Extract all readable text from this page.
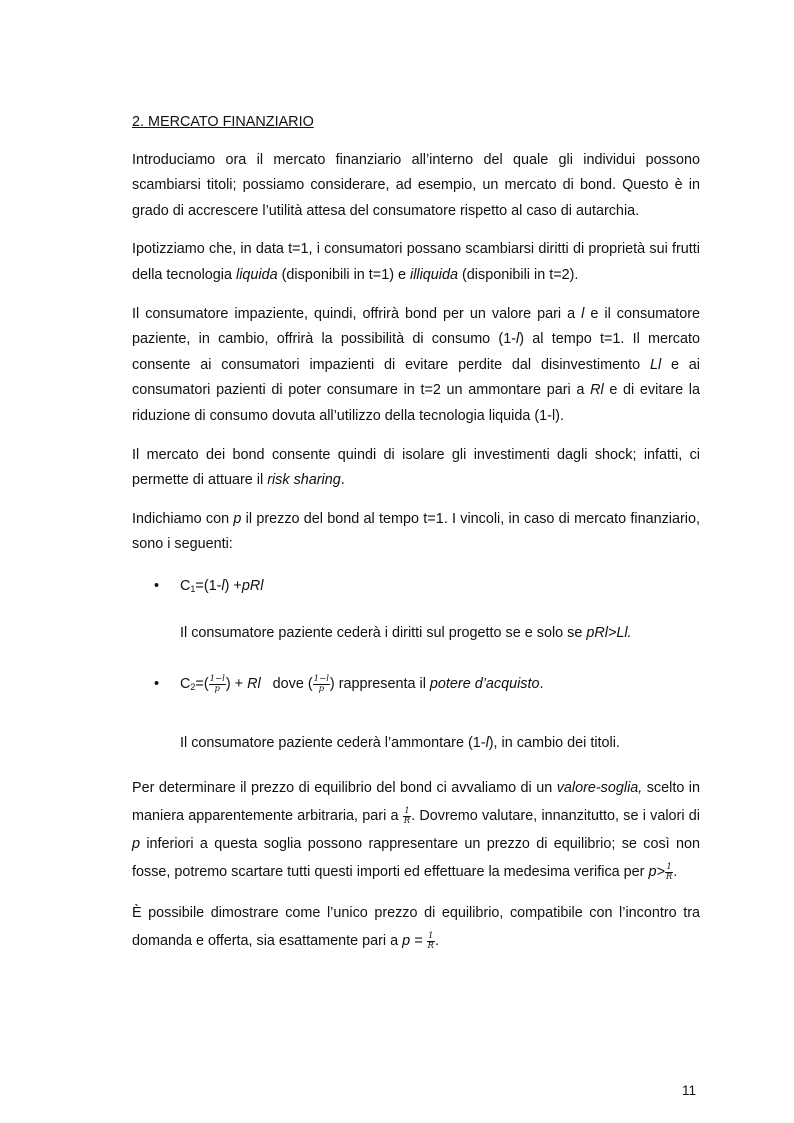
2. MERCATO FINANZIARIO

Introduciamo ora il mercato finanziario all’interno del quale gli individui possono scambiarsi titoli; possiamo considerare, ad esempio, un mercato di bond. Questo è in grado di accrescere l’utilità attesa del consumatore rispetto al caso di autarchia.

Ipotizziamo che, in data t=1, i consumatori possano scambiarsi diritti di proprietà sui frutti della tecnologia liquida (disponibili in t=1) e illiquida (disponibili in t=2).

Il consumatore impaziente, quindi, offrirà bond per un valore pari a l e il consumatore paziente, in cambio, offrirà la possibilità di consumo (1-l) al tempo t=1. Il mercato consente ai consumatori impazienti di evitare perdite dal disinvestimento Ll e ai consumatori pazienti di poter consumare in t=2 un ammontare pari a Rl e di evitare la riduzione di consumo dovuta all’utilizzo della tecnologia liquida (1-l).

Il mercato dei bond consente quindi di isolare gli investimenti dagli shock; infatti, ci permette di attuare il risk sharing.

Indichiamo con p il prezzo del bond al tempo t=1. I vincoli, in caso di mercato finanziario, sono i seguenti:

• $C_1=(1-l) +pRl$
Il consumatore paziente cederà i diritti sul progetto se e solo se pRl>Ll.
• $C_2=( \frac{1-l}{p}$ ) + Rl   dove ( $\frac{1-l}{p}$ ) rappresenta il potere d’acquisto.
Il consumatore paziente cederà l’ammontare (1-l), in cambio dei titoli.

Per determinare il prezzo di equilibrio del bond ci avvaliamo di un valore-soglia, scelto in maniera apparentemente arbitraria, pari a $\frac{1}{R}$ . Dovremo valutare, innanzitutto, se i valori di p inferiori a questa soglia possono rappresentare un prezzo di equilibrio; se così non fosse, potremo scartare tutti questi importi ed effettuare la medesima verifica per $p> \frac{1}{R}$ .

È possibile dimostrare come l’unico prezzo di equilibrio, compatibile con l’incontro tra domanda e offerta, sia esattamente pari a $p = \frac{1}{R}$ .

11
